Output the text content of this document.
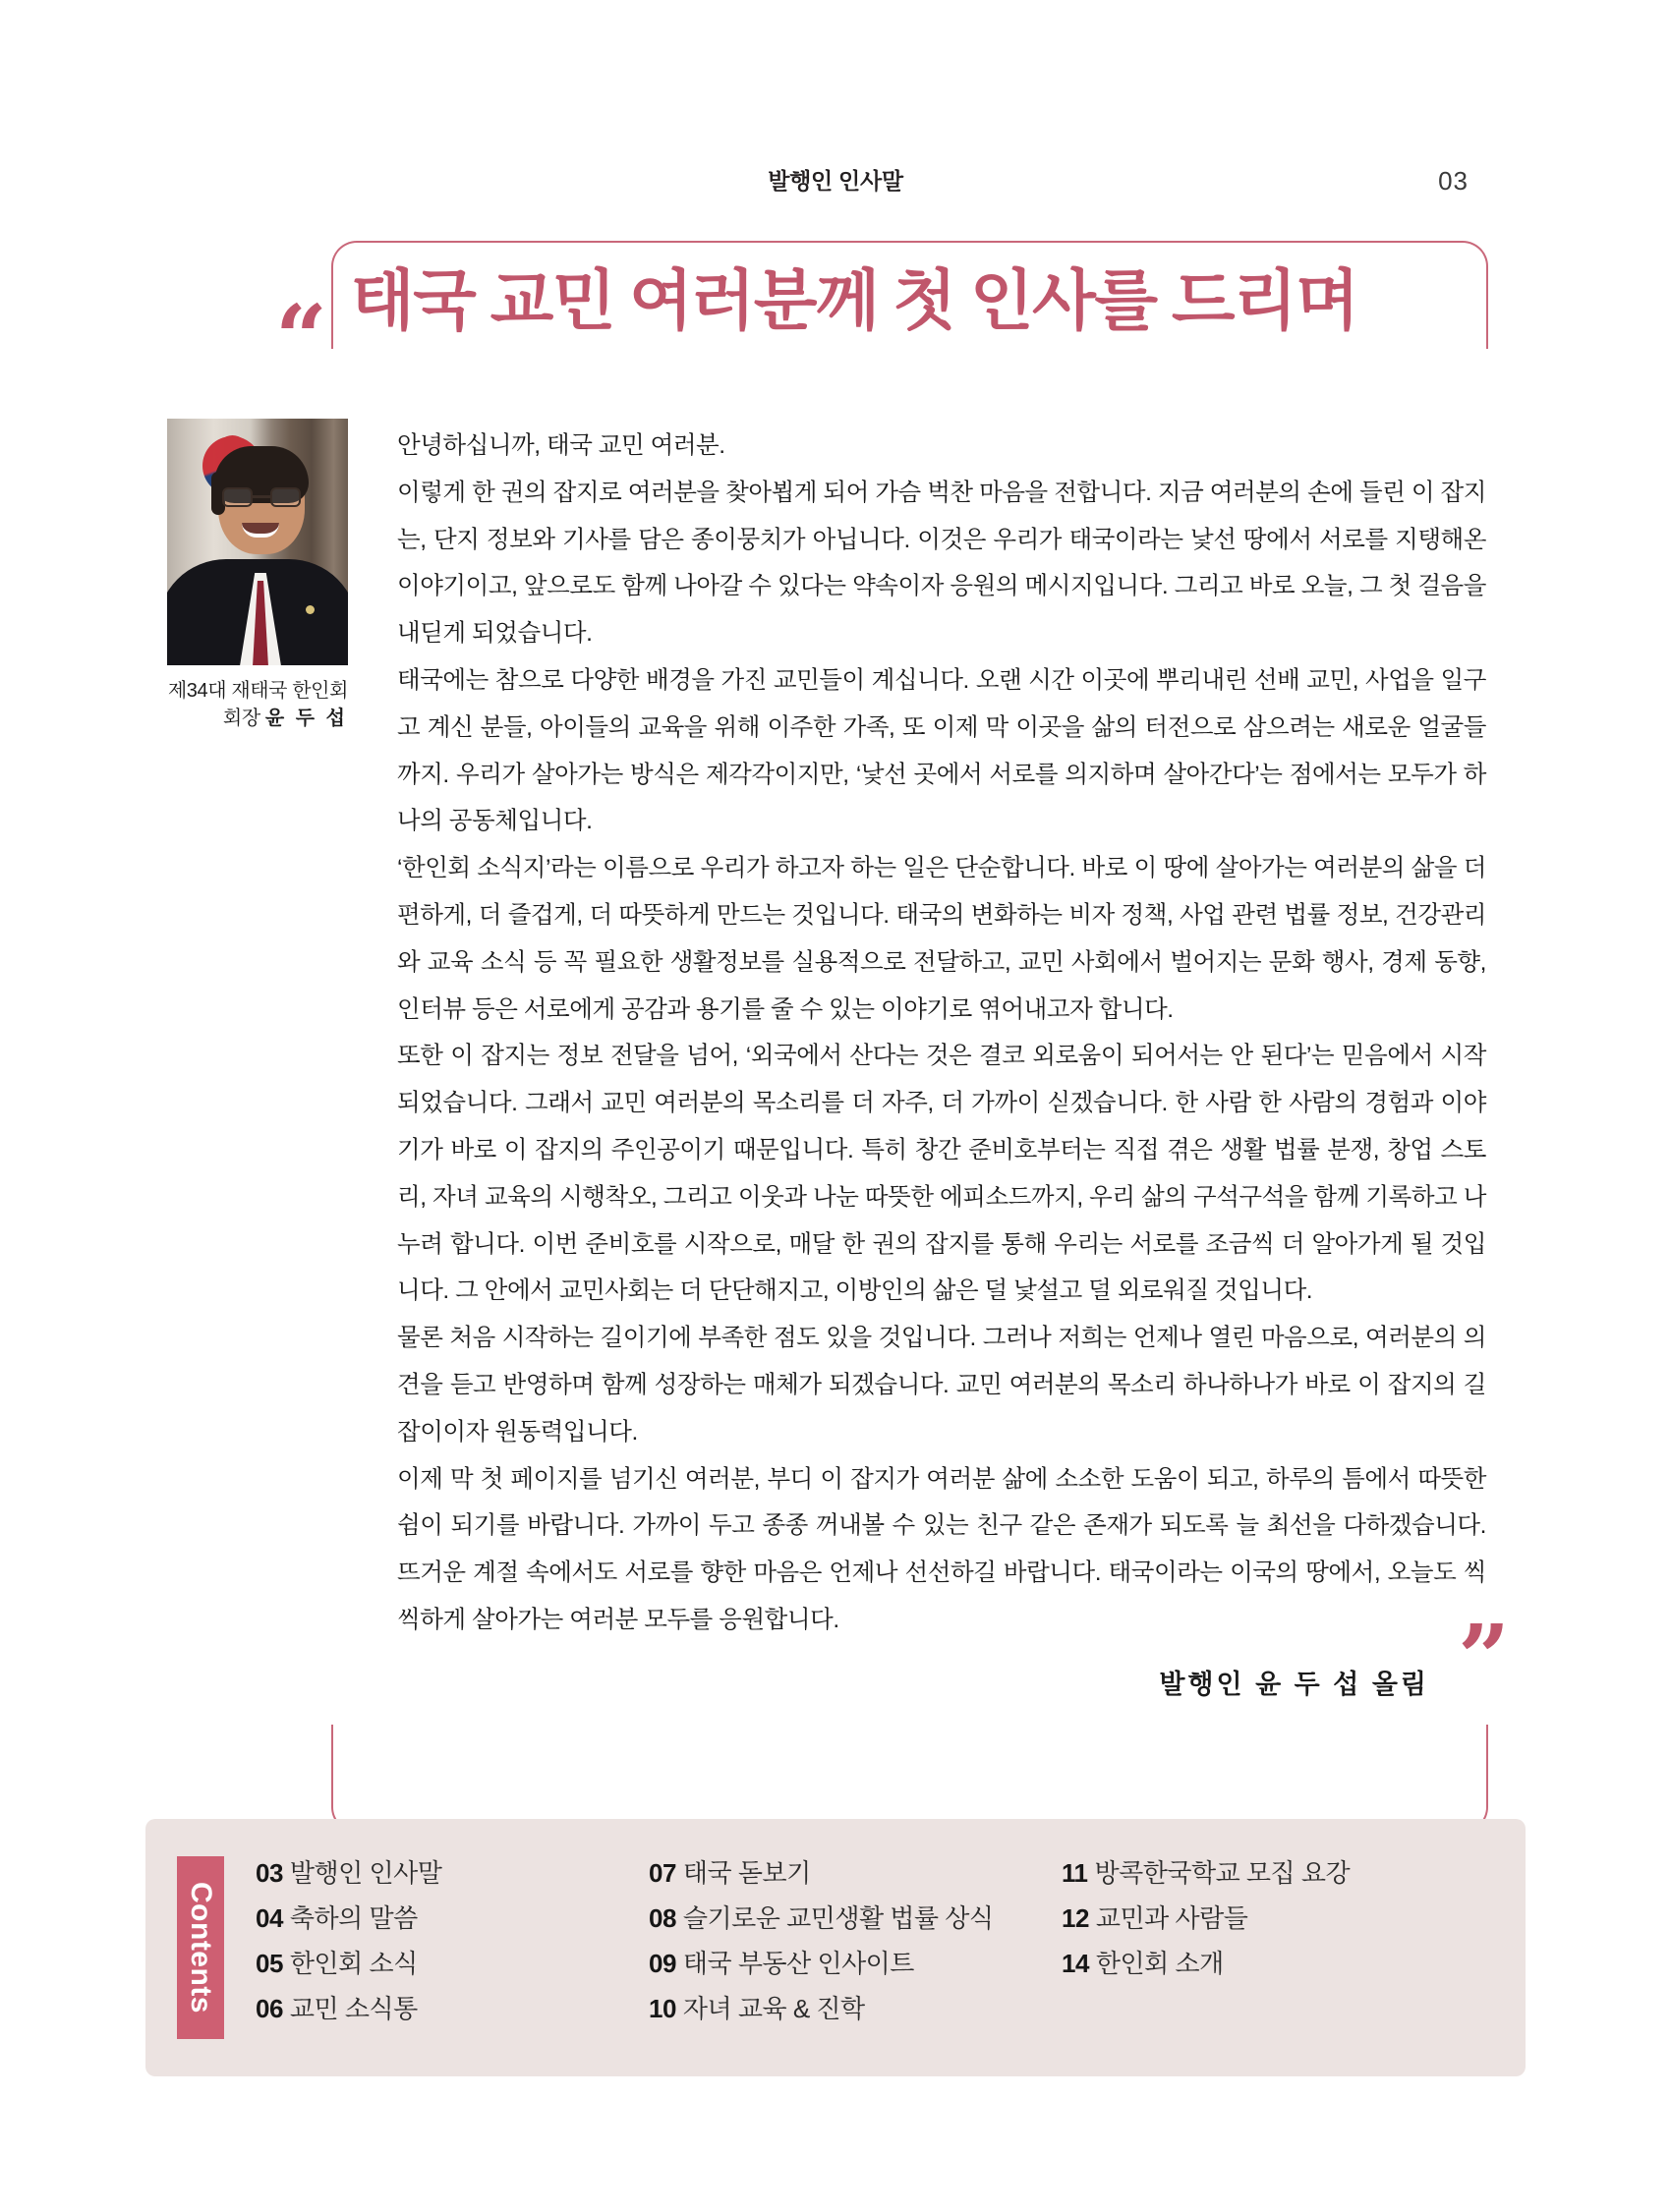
발행인 인사말	03
“ 태국 교민 여러분께 첫 인사를 드리며
제34대 재태국 한인회
회장 윤 두 섭

안녕하십니까, 태국 교민 여러분.

이렇게 한 권의 잡지로 여러분을 찾아뵙게 되어 가슴 벅찬 마음을 전합니다. 지금 여러분의 손에 들린 이 잡지는, 단지 정보와 기사를 담은 종이뭉치가 아닙니다. 이것은 우리가 태국이라는 낯선 땅에서 서로를 지탱해온 이야기이고, 앞으로도 함께 나아갈 수 있다는 약속이자 응원의 메시지입니다. 그리고 바로 오늘, 그 첫 걸음을 내딛게 되었습니다.

태국에는 참으로 다양한 배경을 가진 교민들이 계십니다. 오랜 시간 이곳에 뿌리내린 선배 교민, 사업을 일구고 계신 분들, 아이들의 교육을 위해 이주한 가족, 또 이제 막 이곳을 삶의 터전으로 삼으려는 새로운 얼굴들까지. 우리가 살아가는 방식은 제각각이지만, ‘낯선 곳에서 서로를 의지하며 살아간다’는 점에서는 모두가 하나의 공동체입니다.

‘한인회 소식지’라는 이름으로 우리가 하고자 하는 일은 단순합니다. 바로 이 땅에 살아가는 여러분의 삶을 더 편하게, 더 즐겁게, 더 따뜻하게 만드는 것입니다. 태국의 변화하는 비자 정책, 사업 관련 법률 정보, 건강관리와 교육 소식 등 꼭 필요한 생활정보를 실용적으로 전달하고, 교민 사회에서 벌어지는 문화 행사, 경제 동향, 인터뷰 등은 서로에게 공감과 용기를 줄 수 있는 이야기로 엮어내고자 합니다.

또한 이 잡지는 정보 전달을 넘어, ‘외국에서 산다는 것은 결코 외로움이 되어서는 안 된다’는 믿음에서 시작되었습니다. 그래서 교민 여러분의 목소리를 더 자주, 더 가까이 싣겠습니다. 한 사람 한 사람의 경험과 이야기가 바로 이 잡지의 주인공이기 때문입니다. 특히 창간 준비호부터는 직접 겪은 생활 법률 분쟁, 창업 스토리, 자녀 교육의 시행착오, 그리고 이웃과 나눈 따뜻한 에피소드까지, 우리 삶의 구석구석을 함께 기록하고 나누려 합니다. 이번 준비호를 시작으로, 매달 한 권의 잡지를 통해 우리는 서로를 조금씩 더 알아가게 될 것입니다. 그 안에서 교민사회는 더 단단해지고, 이방인의 삶은 덜 낯설고 덜 외로워질 것입니다.

물론 처음 시작하는 길이기에 부족한 점도 있을 것입니다. 그러나 저희는 언제나 열린 마음으로, 여러분의 의견을 듣고 반영하며 함께 성장하는 매체가 되겠습니다. 교민 여러분의 목소리 하나하나가 바로 이 잡지의 길잡이이자 원동력입니다.

이제 막 첫 페이지를 넘기신 여러분, 부디 이 잡지가 여러분 삶에 소소한 도움이 되고, 하루의 틈에서 따뜻한 쉼이 되기를 바랍니다. 가까이 두고 종종 꺼내볼 수 있는 친구 같은 존재가 되도록 늘 최선을 다하겠습니다. 뜨거운 계절 속에서도 서로를 향한 마음은 언제나 선선하길 바랍니다. 태국이라는 이국의 땅에서, 오늘도 씩씩하게 살아가는 여러분 모두를 응원합니다.

발행인 윤 두 섭 올림 ”
Contents
03 발행인 인사말
04 축하의 말씀
05 한인회 소식
06 교민 소식통
07 태국 돋보기
08 슬기로운 교민생활 법률 상식
09 태국 부동산 인사이트
10 자녀 교육 & 진학
11 방콕한국학교 모집 요강
12 교민과 사람들
14 한인회 소개
